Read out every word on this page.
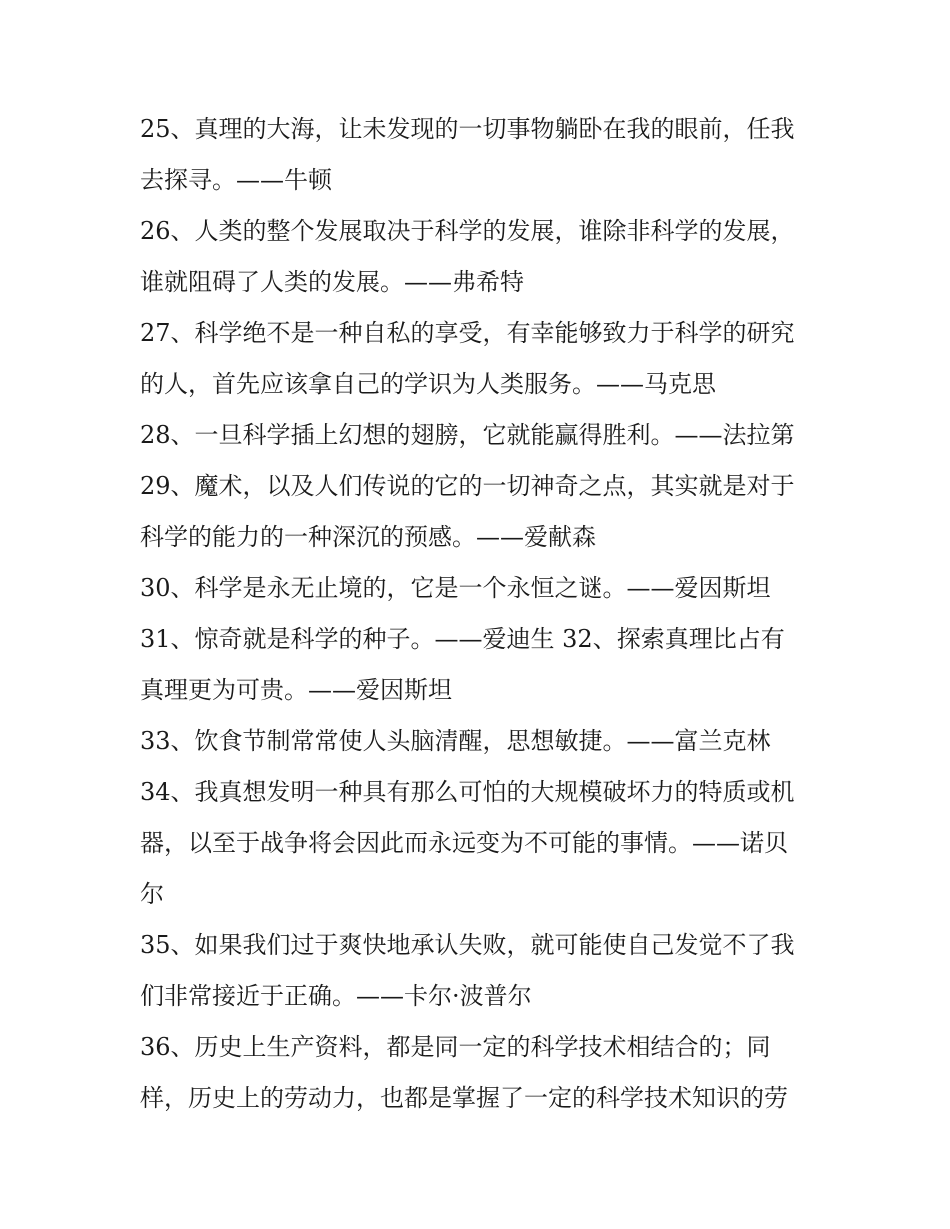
25、真理的大海，让未发现的一切事物躺卧在我的眼前，任我
去探寻。——牛顿
26、人类的整个发展取决于科学的发展，谁除非科学的发展，
谁就阻碍了人类的发展。——弗希特
27、科学绝不是一种自私的享受，有幸能够致力于科学的研究
的人，首先应该拿自己的学识为人类服务。——马克思
28、一旦科学插上幻想的翅膀，它就能赢得胜利。——法拉第
29、魔术，以及人们传说的它的一切神奇之点，其实就是对于
科学的能力的一种深沉的预感。——爱献森
30、科学是永无止境的，它是一个永恒之谜。——爱因斯坦
31、惊奇就是科学的种子。——爱迪生 32、探索真理比占有
真理更为可贵。——爱因斯坦
33、饮食节制常常使人头脑清醒，思想敏捷。——富兰克林
34、我真想发明一种具有那么可怕的大规模破坏力的特质或机
器，以至于战争将会因此而永远变为不可能的事情。——诺贝
尔
35、如果我们过于爽快地承认失败，就可能使自己发觉不了我
们非常接近于正确。——卡尔·波普尔
36、历史上生产资料，都是同一定的科学技术相结合的；同
样，历史上的劳动力，也都是掌握了一定的科学技术知识的劳
